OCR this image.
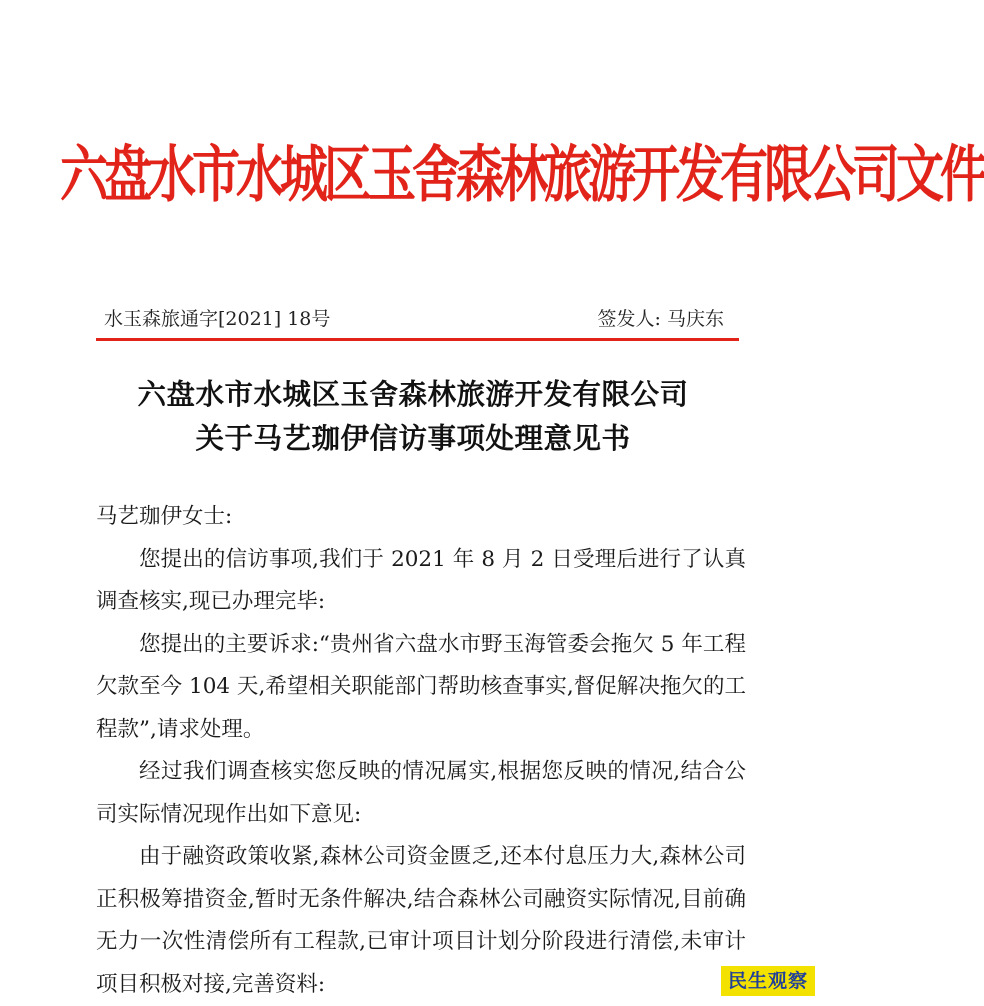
六盘水市水城区玉舍森林旅游开发有限公司文件
水玉森旅通字[2021] 18号	签发人: 马庆东
六盘水市水城区玉舍森林旅游开发有限公司
关于马艺珈伊信访事项处理意见书

马艺珈伊女士:

您提出的信访事项,我们于 2021 年 8 月 2 日受理后进行了认真调查核实,现已办理完毕:

您提出的主要诉求:“贵州省六盘水市野玉海管委会拖欠 5 年工程欠款至今 104 天,希望相关职能部门帮助核查事实,督促解决拖欠的工程款”,请求处理。

经过我们调查核实您反映的情况属实,根据您反映的情况,结合公司实际情况现作出如下意见:

由于融资政策收紧,森林公司资金匮乏,还本付息压力大,森林公司正积极筹措资金,暂时无条件解决,结合森林公司融资实际情况,目前确无力一次性清偿所有工程款,已审计项目计划分阶段进行清偿,未审计项目积极对接,完善资料:	民生观察
